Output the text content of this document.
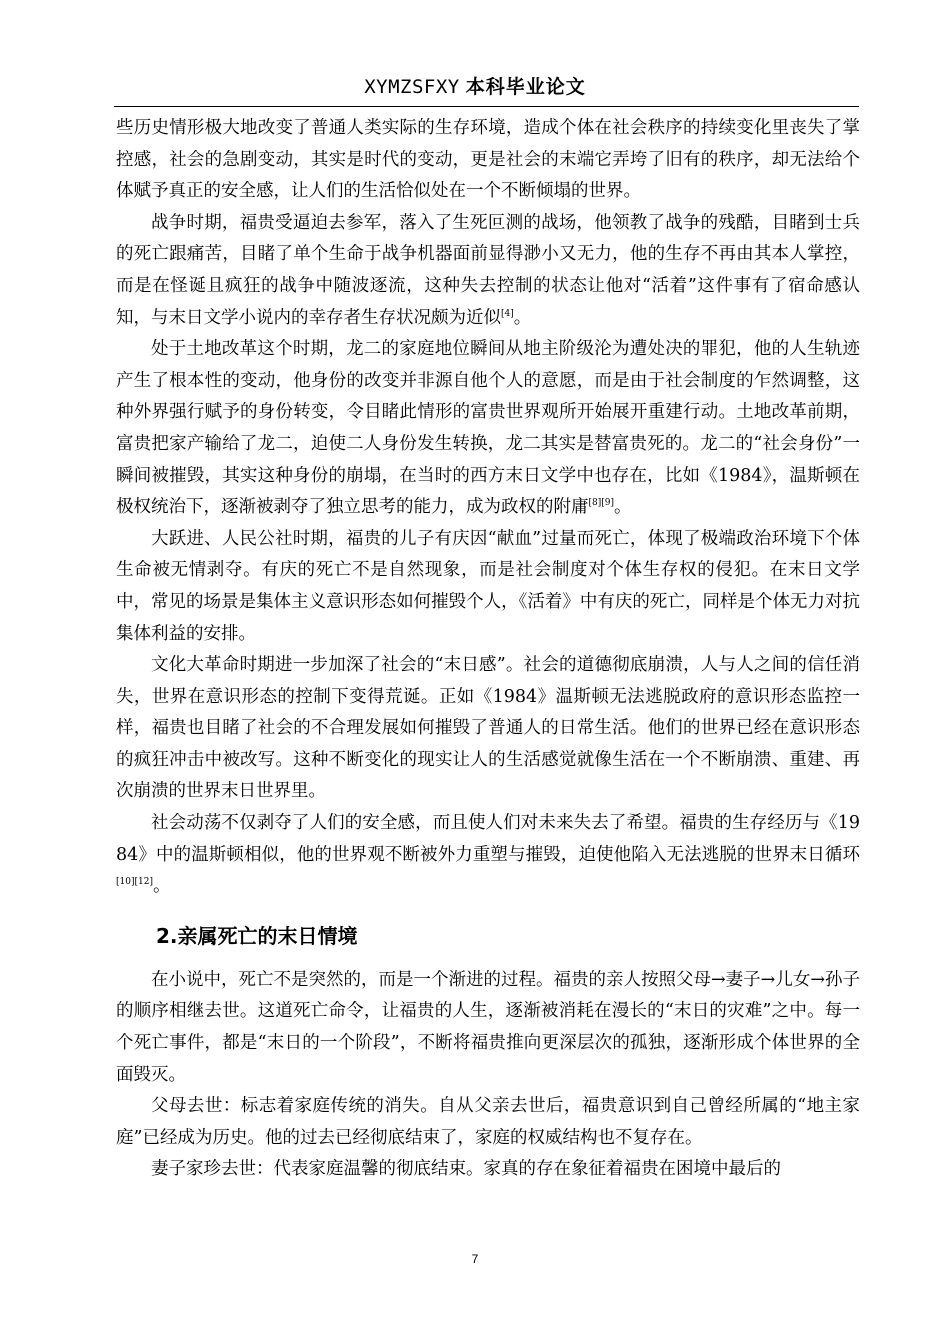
XYMZSFXY 本科毕业论文

些历史情形极大地改变了普通人类实际的生存环境，造成个体在社会秩序的持续变化里丧失了掌控感，社会的急剧变动，其实是时代的变动，更是社会的末端它弄垮了旧有的秩序，却无法给个体赋予真正的安全感，让人们的生活恰似处在一个不断倾塌的世界。

战争时期，福贵受逼迫去参军，落入了生死叵测的战场，他领教了战争的残酷，目睹到士兵的死亡跟痛苦，目睹了单个生命于战争机器面前显得渺小又无力，他的生存不再由其本人掌控，而是在怪诞且疯狂的战争中随波逐流，这种失去控制的状态让他对“活着”这件事有了宿命感认知，与末日文学小说内的幸存者生存状况颇为近似[4]。

处于土地改革这个时期，龙二的家庭地位瞬间从地主阶级沦为遭处决的罪犯，他的人生轨迹产生了根本性的变动，他身份的改变并非源自他个人的意愿，而是由于社会制度的乍然调整，这种外界强行赋予的身份转变，令目睹此情形的富贵世界观所开始展开重建行动。土地改革前期，富贵把家产输给了龙二，迫使二人身份发生转换，龙二其实是替富贵死的。龙二的“社会身份”一瞬间被摧毁，其实这种身份的崩塌，在当时的西方末日文学中也存在，比如《1984》，温斯顿在极权统治下，逐渐被剥夺了独立思考的能力，成为政权的附庸[8][9]。

大跃进、人民公社时期，福贵的儿子有庆因“献血”过量而死亡，体现了极端政治环境下个体生命被无情剥夺。有庆的死亡不是自然现象，而是社会制度对个体生存权的侵犯。在末日文学中，常见的场景是集体主义意识形态如何摧毁个人，《活着》中有庆的死亡，同样是个体无力对抗集体利益的安排。

文化大革命时期进一步加深了社会的“末日感”。社会的道德彻底崩溃，人与人之间的信任消失，世界在意识形态的控制下变得荒诞。正如《1984》温斯顿无法逃脱政府的意识形态监控一样，福贵也目睹了社会的不合理发展如何摧毁了普通人的日常生活。他们的世界已经在意识形态的疯狂冲击中被改写。这种不断变化的现实让人的生活感觉就像生活在一个不断崩溃、重建、再次崩溃的世界末日世界里。

社会动荡不仅剥夺了人们的安全感，而且使人们对未来失去了希望。福贵的生存经历与《1984》中的温斯顿相似，他的世界观不断被外力重塑与摧毁，迫使他陷入无法逃脱的世界末日循环[10][12]。

2.亲属死亡的末日情境

在小说中，死亡不是突然的，而是一个渐进的过程。福贵的亲人按照父母→妻子→儿女→孙子的顺序相继去世。这道死亡命令，让福贵的人生，逐渐被消耗在漫长的“末日的灾难”之中。每一个死亡事件，都是“末日的一个阶段”，不断将福贵推向更深层次的孤独，逐渐形成个体世界的全面毁灭。

父母去世：标志着家庭传统的消失。自从父亲去世后，福贵意识到自己曾经所属的“地主家庭”已经成为历史。他的过去已经彻底结束了，家庭的权威结构也不复存在。

妻子家珍去世：代表家庭温馨的彻底结束。家真的存在象征着福贵在困境中最后的

7
